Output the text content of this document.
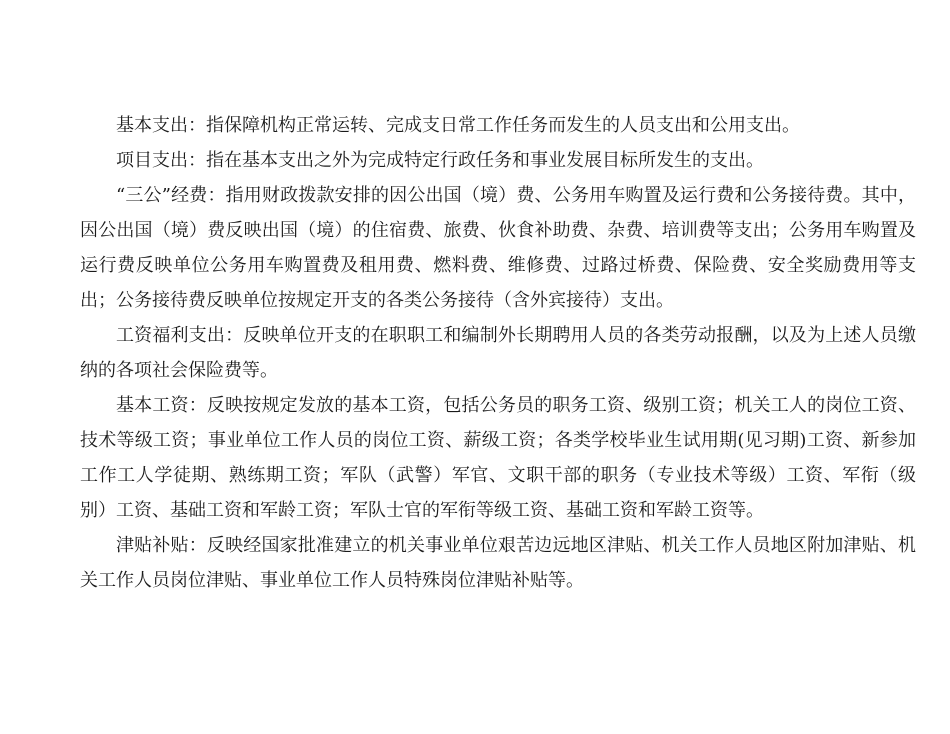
基本支出：指保障机构正常运转、完成支日常工作任务而发生的人员支出和公用支出。

项目支出：指在基本支出之外为完成特定行政任务和事业发展目标所发生的支出。

“三公”经费：指用财政拨款安排的因公出国（境）费、公务用车购置及运行费和公务接待费。其中，因公出国（境）费反映出国（境）的住宿费、旅费、伙食补助费、杂费、培训费等支出；公务用车购置及运行费反映单位公务用车购置费及租用费、燃料费、维修费、过路过桥费、保险费、安全奖励费用等支出；公务接待费反映单位按规定开支的各类公务接待（含外宾接待）支出。

工资福利支出：反映单位开支的在职职工和编制外长期聘用人员的各类劳动报酬，以及为上述人员缴纳的各项社会保险费等。

基本工资：反映按规定发放的基本工资，包括公务员的职务工资、级别工资；机关工人的岗位工资、技术等级工资；事业单位工作人员的岗位工资、薪级工资；各类学校毕业生试用期(见习期)工资、新参加工作工人学徒期、熟练期工资；军队（武警）军官、文职干部的职务（专业技术等级）工资、军衔（级别）工资、基础工资和军龄工资；军队士官的军衔等级工资、基础工资和军龄工资等。

津贴补贴：反映经国家批准建立的机关事业单位艰苦边远地区津贴、机关工作人员地区附加津贴、机关工作人员岗位津贴、事业单位工作人员特殊岗位津贴补贴等。
